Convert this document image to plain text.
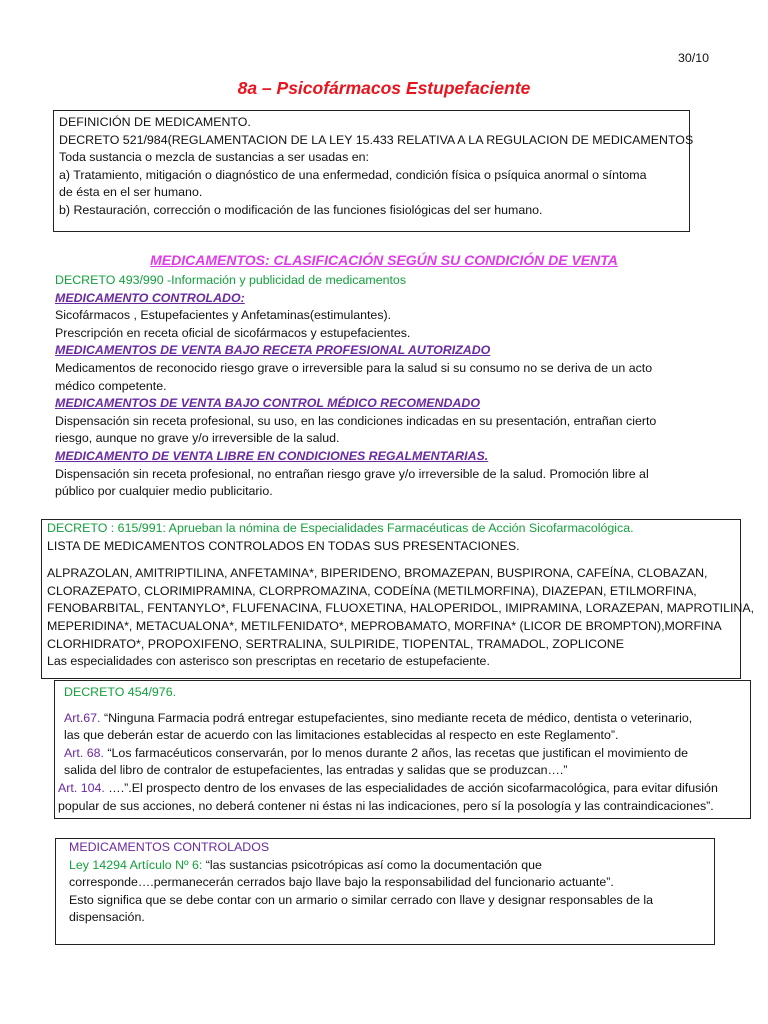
30/10
8a – Psicofármacos Estupefaciente
DEFINICIÓN DE MEDICAMENTO.
DECRETO 521/984(REGLAMENTACION DE LA LEY 15.433 RELATIVA A LA REGULACION DE MEDICAMENTOS
Toda sustancia o mezcla de sustancias a ser usadas en:
a) Tratamiento, mitigación o diagnóstico de una enfermedad, condición física o psíquica anormal o síntoma
de ésta en el ser humano.
b) Restauración, corrección o modificación de las funciones fisiológicas del ser humano.
MEDICAMENTOS: CLASIFICACIÓN SEGÚN SU CONDICIÓN DE VENTA
DECRETO 493/990 -Información y publicidad de medicamentos
MEDICAMENTO CONTROLADO:
Sicofármacos , Estupefacientes y Anfetaminas(estimulantes).
Prescripción en receta oficial de sicofármacos y estupefacientes.
MEDICAMENTOS DE VENTA BAJO RECETA PROFESIONAL AUTORIZADO
Medicamentos de reconocido riesgo grave o irreversible para la salud si su consumo no se deriva de un acto
médico competente.
MEDICAMENTOS DE VENTA BAJO CONTROL MÉDICO RECOMENDADO
Dispensación sin receta profesional, su uso, en las condiciones indicadas en su presentación, entrañan cierto
riesgo, aunque no grave y/o irreversible de la salud.
MEDICAMENTO DE VENTA LIBRE EN CONDICIONES REGALMENTARIAS.
Dispensación sin receta profesional, no entrañan riesgo grave y/o irreversible de la salud. Promoción libre al
público por cualquier medio publicitario.
DECRETO : 615/991: Aprueban la nómina de Especialidades Farmacéuticas de Acción Sicofarmacológica.
LISTA DE MEDICAMENTOS CONTROLADOS EN TODAS SUS PRESENTACIONES.
ALPRAZOLAN, AMITRIPTILINA, ANFETAMINA*, BIPERIDENO, BROMAZEPAN, BUSPIRONA, CAFEÍNA, CLOBAZAN,
CLORAZEPATO, CLORIMIPRAMINA, CLORPROMAZINA, CODEÍNA (METILMORFINA), DIAZEPAN, ETILMORFINA,
FENOBARBITAL, FENTANYLO*, FLUFENACINA, FLUOXETINA, HALOPERIDOL, IMIPRAMINA, LORAZEPAN, MAPROTILINA,
MEPERIDINA*, METACUALONA*, METILFENIDATO*, MEPROBAMATO, MORFINA* (LICOR DE BROMPTON),MORFINA
CLORHIDRATO*, PROPOXIFENO, SERTRALINA, SULPIRIDE, TIOPENTAL, TRAMADOL, ZOPLICONE
Las especialidades con asterisco son prescriptas en recetario de estupefaciente.
DECRETO 454/976.
Art.67. “Ninguna Farmacia podrá entregar estupefacientes, sino mediante receta de médico, dentista o veterinario,
las que deberán estar de acuerdo con las limitaciones establecidas al respecto en este Reglamento”.
Art. 68. “Los farmacéuticos conservarán, por lo menos durante 2 años, las recetas que justifican el movimiento de
salida del libro de contralor de estupefacientes, las entradas y salidas que se produzcan….”
Art. 104. ….”.El prospecto dentro de los envases de las especialidades de acción sicofarmacológica, para evitar difusión
popular de sus acciones, no deberá contener ni éstas ni las indicaciones, pero sí la posología y las contraindicaciones”.
MEDICAMENTOS CONTROLADOS
Ley 14294 Artículo Nº 6: “las sustancias psicotrópicas así como la documentación que
corresponde….permanecerán cerrados bajo llave bajo la responsabilidad del funcionario actuante”.
Esto significa que se debe contar con un armario o similar cerrado con llave y designar responsables de la
dispensación.
